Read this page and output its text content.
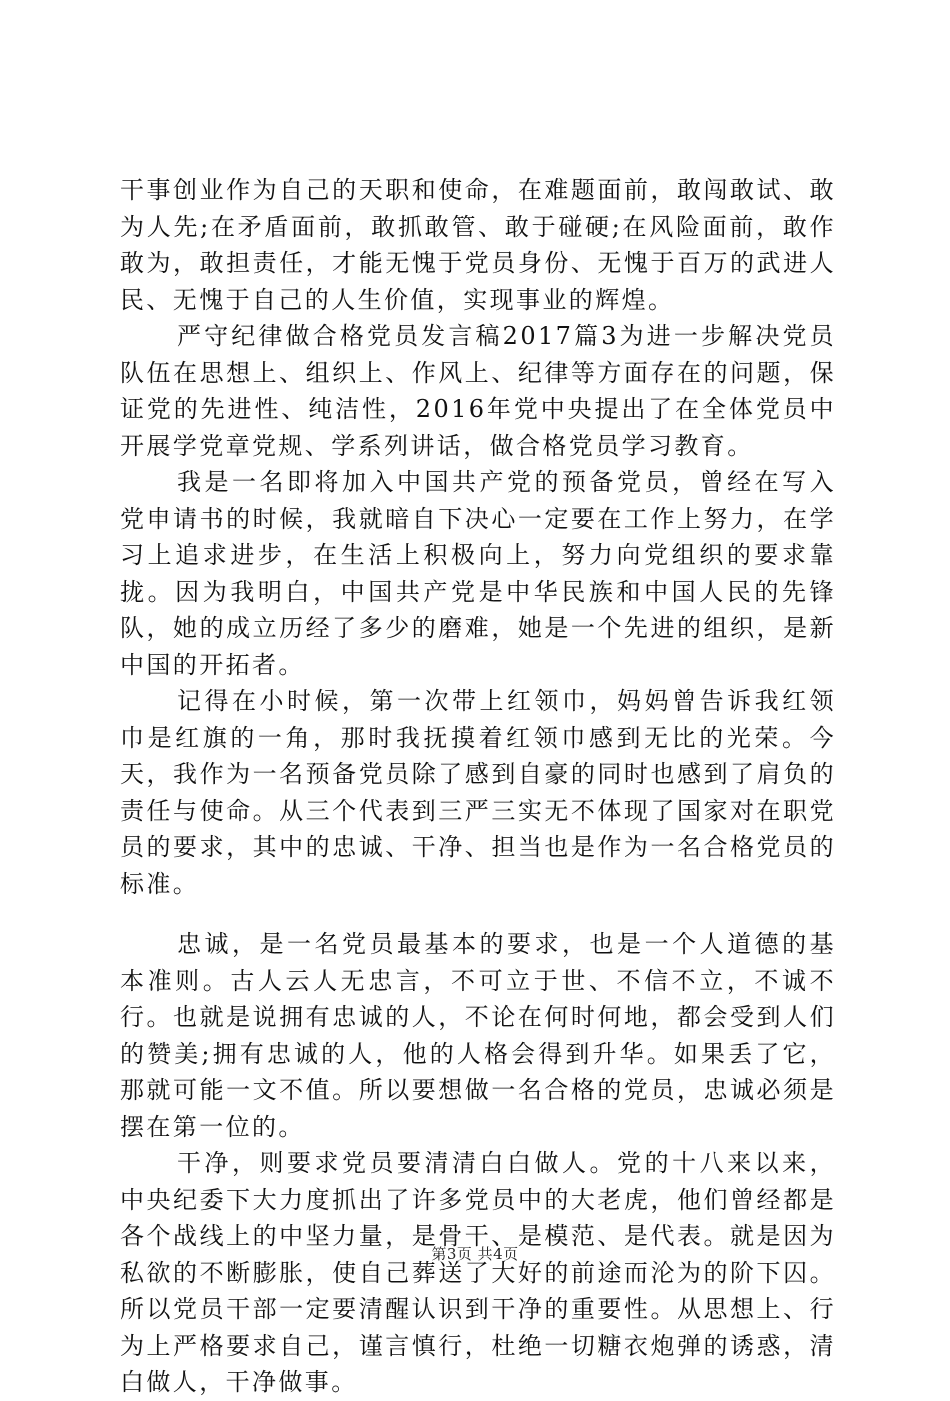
干事创业作为自己的天职和使命，在难题面前，敢闯敢试、敢为人先;在矛盾面前，敢抓敢管、敢于碰硬;在风险面前，敢作敢为，敢担责任，才能无愧于党员身份、无愧于百万的武进人民、无愧于自己的人生价值，实现事业的辉煌。

严守纪律做合格党员发言稿2017篇3为进一步解决党员队伍在思想上、组织上、作风上、纪律等方面存在的问题，保证党的先进性、纯洁性，2016年党中央提出了在全体党员中开展学党章党规、学系列讲话，做合格党员学习教育。

我是一名即将加入中国共产党的预备党员，曾经在写入党申请书的时候，我就暗自下决心一定要在工作上努力，在学习上追求进步，在生活上积极向上，努力向党组织的要求靠拢。因为我明白，中国共产党是中华民族和中国人民的先锋队，她的成立历经了多少的磨难，她是一个先进的组织，是新中国的开拓者。

记得在小时候，第一次带上红领巾，妈妈曾告诉我红领巾是红旗的一角，那时我抚摸着红领巾感到无比的光荣。今天，我作为一名预备党员除了感到自豪的同时也感到了肩负的责任与使命。从三个代表到三严三实无不体现了国家对在职党员的要求，其中的忠诚、干净、担当也是作为一名合格党员的标准。

忠诚，是一名党员最基本的要求，也是一个人道德的基本准则。古人云人无忠言，不可立于世、不信不立，不诚不行。也就是说拥有忠诚的人，不论在何时何地，都会受到人们的赞美;拥有忠诚的人，他的人格会得到升华。如果丢了它，那就可能一文不值。所以要想做一名合格的党员，忠诚必须是摆在第一位的。

干净，则要求党员要清清白白做人。党的十八来以来，中央纪委下大力度抓出了许多党员中的大老虎，他们曾经都是各个战线上的中坚力量，是骨干、是模范、是代表。就是因为私欲的不断膨胀，使自己葬送了大好的前途而沦为的阶下囚。所以党员干部一定要清醒认识到干净的重要性。从思想上、行为上严格要求自己，谨言慎行，杜绝一切糖衣炮弹的诱惑，清白做人，干净做事。

第3页 共4页
